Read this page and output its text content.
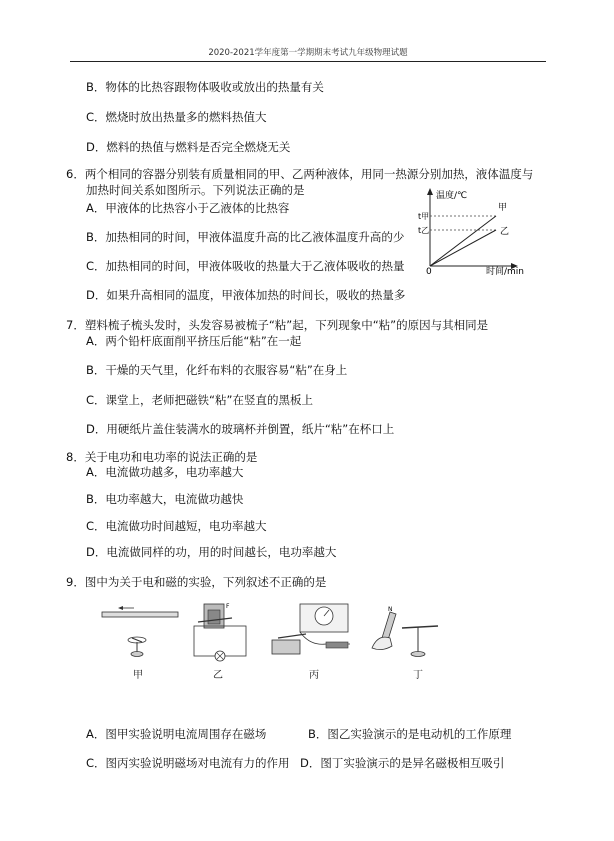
2020-2021学年度第一学期期末考试九年级物理试题
B．物体的比热容跟物体吸收或放出的热量有关
C．燃烧时放出热量多的燃料热值大
D．燃料的热值与燃料是否完全燃烧无关
6．两个相同的容器分别装有质量相同的甲、乙两种液体，用同一热源分别加热，液体温度与
加热时间关系如图所示。下列说法正确的是
A．甲液体的比热容小于乙液体的比热容
B．加热相同的时间，甲液体温度升高的比乙液体温度升高的少
C．加热相同的时间，甲液体吸收的热量大于乙液体吸收的热量
D．如果升高相同的温度，甲液体加热的时间长，吸收的热量多
温度/℃
时间/min
0
t甲
t乙
甲
乙
7．塑料梳子梳头发时，头发容易被梳子“粘”起，下列现象中“粘”的原因与其相同是
A．两个铅杆底面削平挤压后能“粘”在一起
B．干燥的天气里，化纤布料的衣服容易“粘”在身上
C．课堂上，老师把磁铁“粘”在竖直的黑板上
D．用硬纸片盖住装满水的玻璃杯并倒置，纸片“粘”在杯口上
8．关于电功和电功率的说法正确的是
A．电流做功越多，电功率越大
B．电功率越大，电流做功越快
C．电流做功时间越短，电功率越大
D．电流做同样的功，用的时间越长，电功率越大
9．图中为关于电和磁的实验，下列叙述不正确的是
F	N
甲	乙	丙	丁
A．图甲实验说明电流周围存在磁场	B．图乙实验演示的是电动机的工作原理
C．图丙实验说明磁场对电流有力的作用 D．图丁实验演示的是异名磁极相互吸引
